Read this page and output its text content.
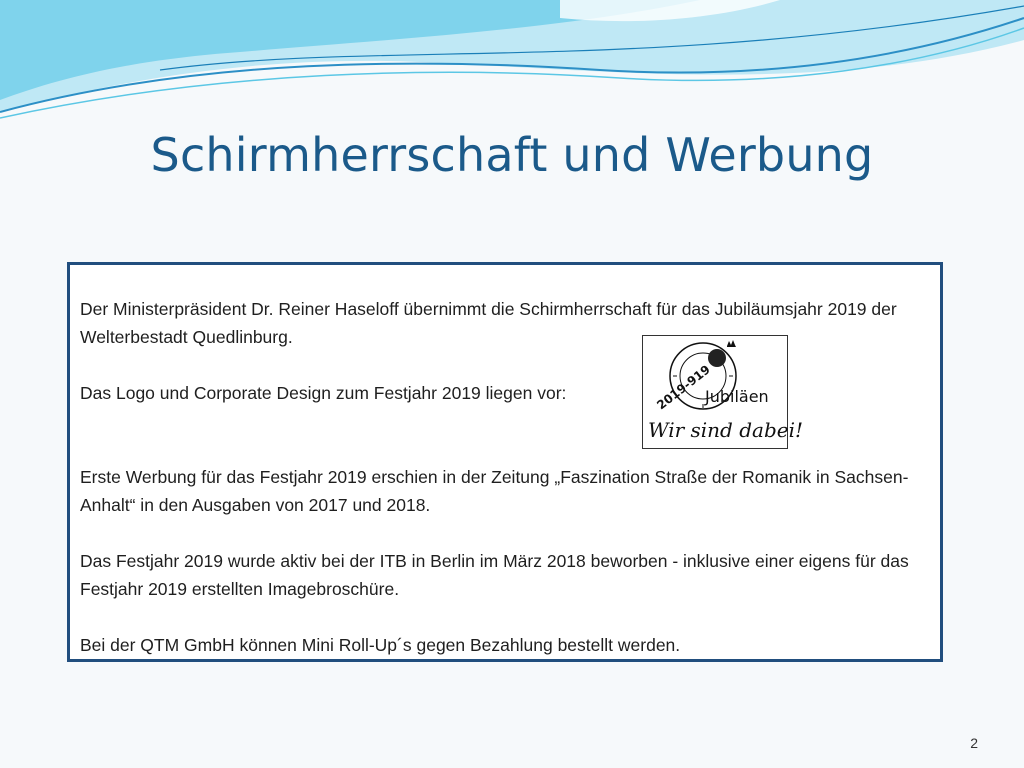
Schirmherrschaft und Werbung

Der Ministerpräsident Dr. Reiner Haseloff übernimmt die Schirmherrschaft für das Jubiläumsjahr 2019 der Welterbestadt Quedlinburg.

Das Logo und Corporate Design zum Festjahr 2019 liegen vor:	2019-919
Jubiläen
Wir sind dabei!

Erste Werbung für das Festjahr 2019 erschien in der Zeitung „Faszination Straße der Romanik in Sachsen-Anhalt“ in den Ausgaben von 2017 und 2018.

Das Festjahr 2019 wurde aktiv bei der ITB in Berlin im März 2018 beworben - inklusive einer eigens für das Festjahr 2019 erstellten Imagebroschüre.

Bei der QTM GmbH können Mini Roll-Up´s gegen Bezahlung bestellt werden.

2
